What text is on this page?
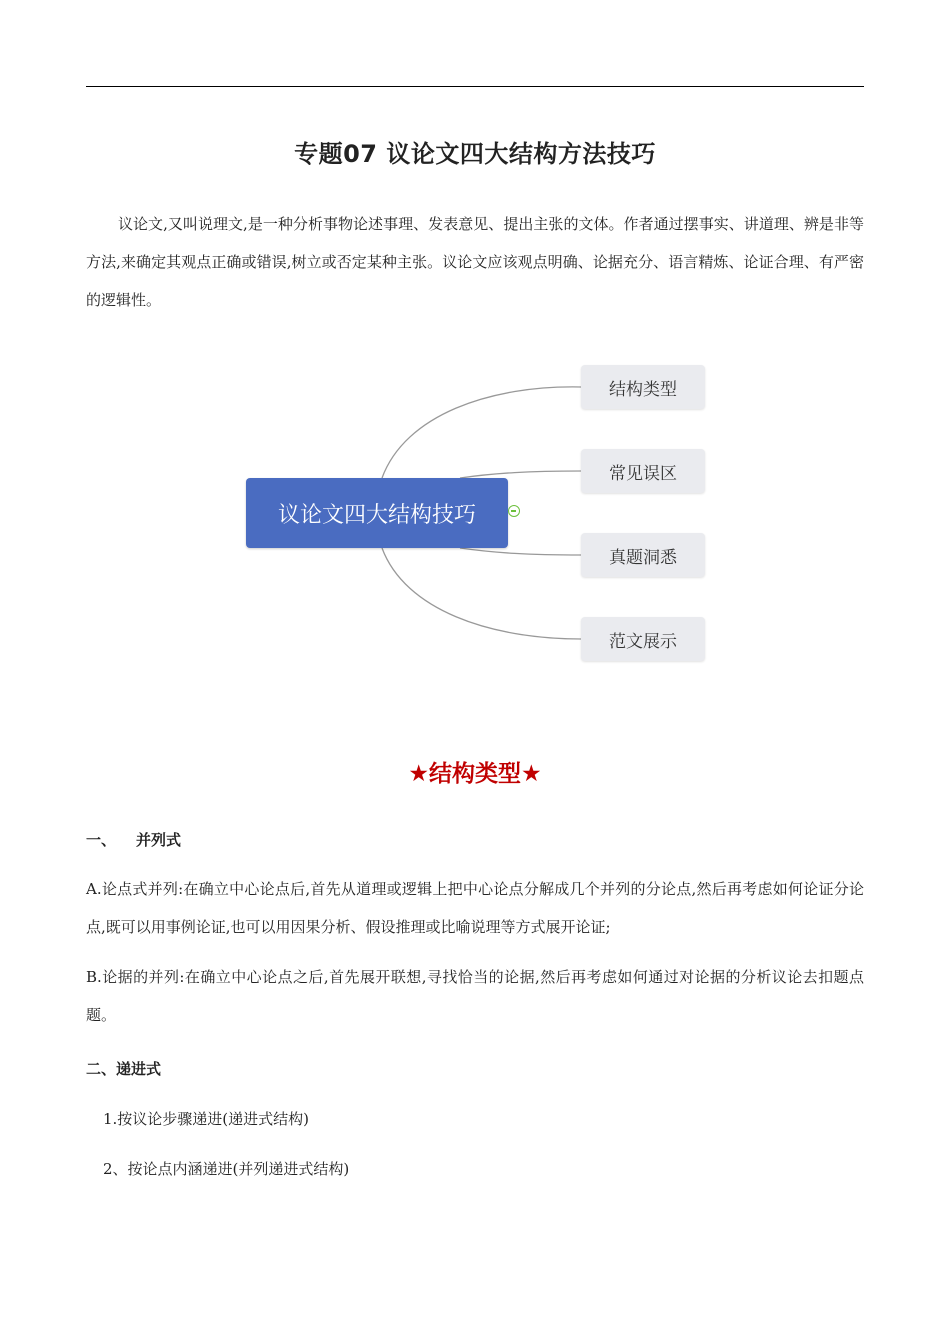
专题07 议论文四大结构方法技巧
议论文,又叫说理文,是一种分析事物论述事理、发表意见、提出主张的文体。作者通过摆事实、讲道理、辨是非等方法,来确定其观点正确或错误,树立或否定某种主张。议论文应该观点明确、论据充分、语言精炼、论证合理、有严密的逻辑性。
议论文四大结构技巧
结构类型
常见误区
真题洞悉
范文展示
★结构类型★
一、 并列式
A.论点式并列:在确立中心论点后,首先从道理或逻辑上把中心论点分解成几个并列的分论点,然后再考虑如何论证分论点,既可以用事例论证,也可以用因果分析、假设推理或比喻说理等方式展开论证;
B.论据的并列:在确立中心论点之后,首先展开联想,寻找恰当的论据,然后再考虑如何通过对论据的分析议论去扣题点题。
二、递进式
1.按议论步骤递进(递进式结构)
2、按论点内涵递进(并列递进式结构)
